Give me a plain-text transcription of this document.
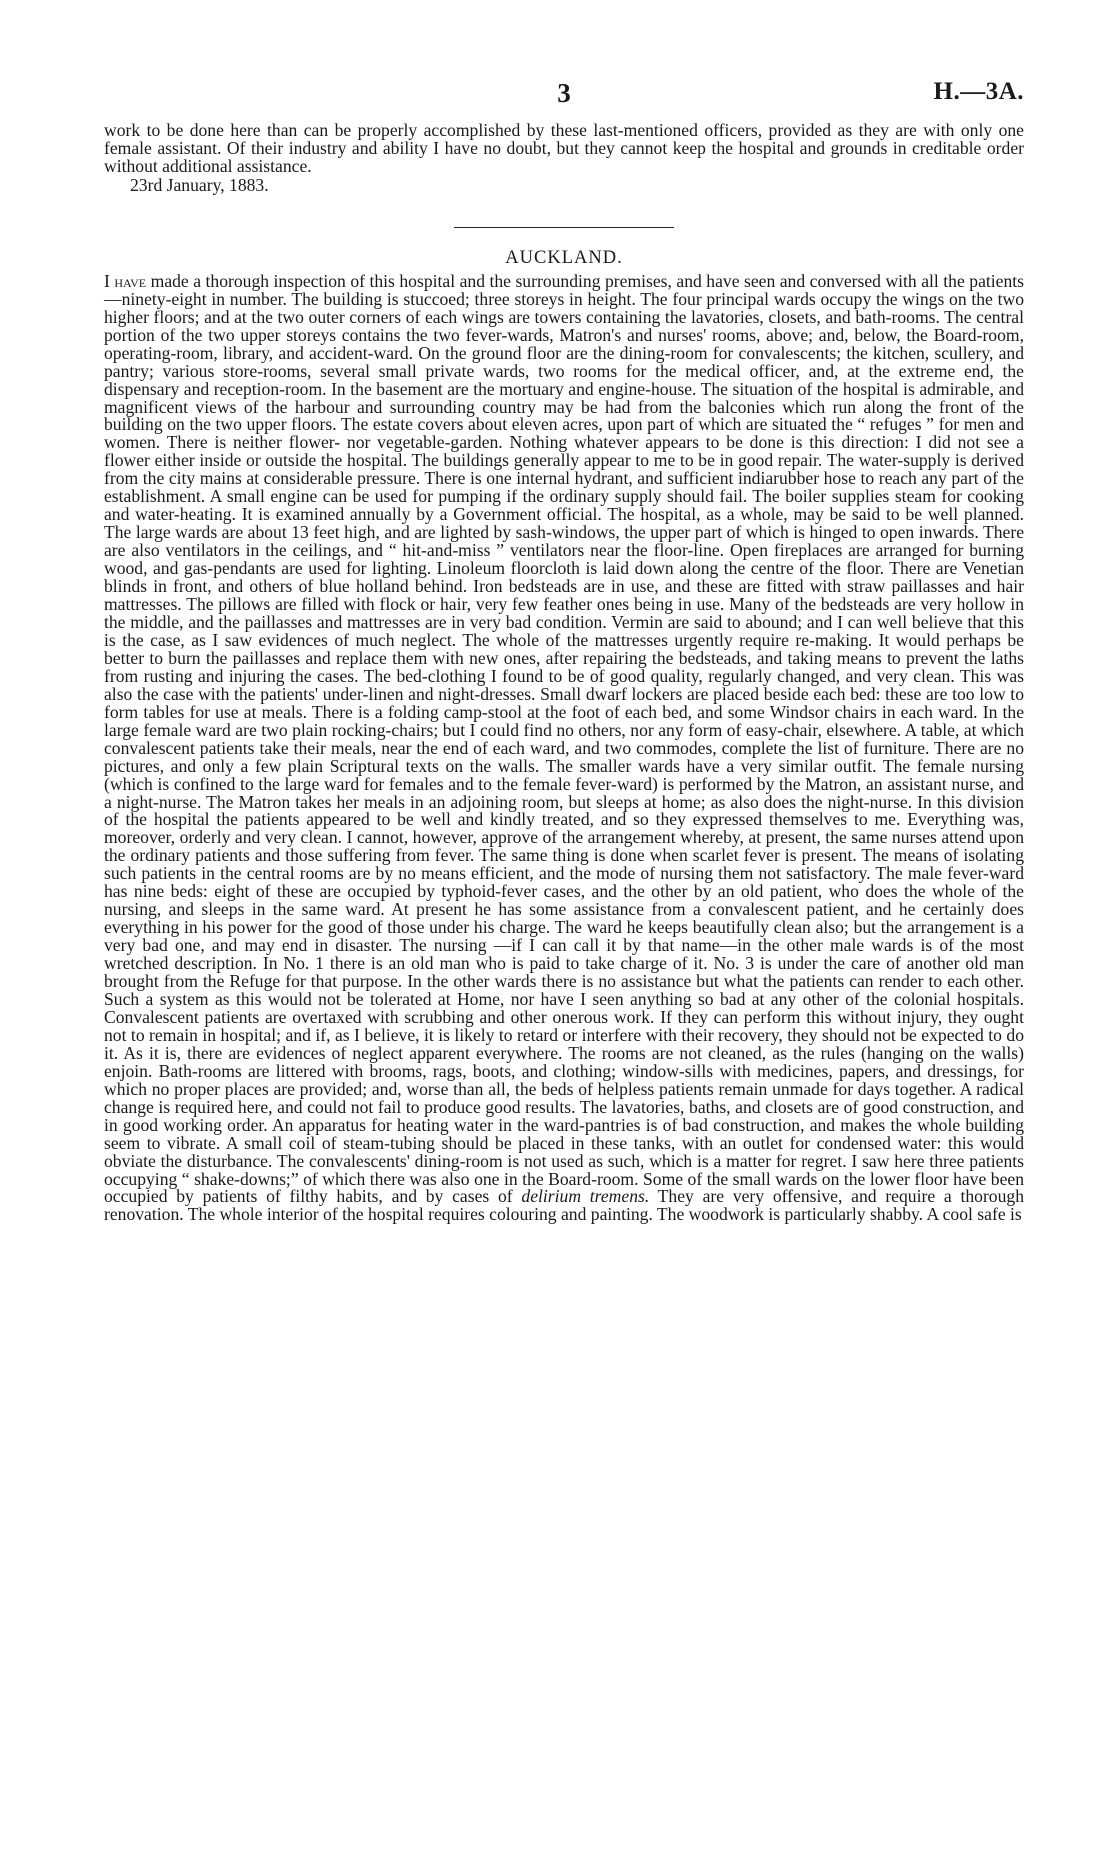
3	H.—3A.

work to be done here than can be properly accomplished by these last-mentioned officers, provided as they are with only one female assistant. Of their industry and ability I have no doubt, but they cannot keep the hospital and grounds in creditable order without additional assistance.

23rd January, 1883.
AUCKLAND.

I have made a thorough inspection of this hospital and the surrounding premises, and have seen and conversed with all the patients—ninety-eight in number. The building is stuccoed; three storeys in height. The four principal wards occupy the wings on the two higher floors; and at the two outer corners of each wings are towers containing the lavatories, closets, and bath-rooms. The central portion of the two upper storeys contains the two fever-wards, Matron's and nurses' rooms, above; and, below, the Board-room, operating-room, library, and accident-ward. On the ground floor are the dining-room for convalescents; the kitchen, scullery, and pantry; various store-rooms, several small private wards, two rooms for the medical officer, and, at the extreme end, the dispensary and reception-room. In the basement are the mortuary and engine-house. The situation of the hospital is admirable, and magnificent views of the harbour and surrounding country may be had from the balconies which run along the front of the building on the two upper floors. The estate covers about eleven acres, upon part of which are situated the “ refuges ” for men and women. There is neither flower- nor vegetable-garden. Nothing whatever appears to be done is this direction: I did not see a flower either inside or outside the hospital. The buildings generally appear to me to be in good repair. The water-supply is derived from the city mains at considerable pressure. There is one internal hydrant, and sufficient indiarubber hose to reach any part of the establishment. A small engine can be used for pumping if the ordinary supply should fail. The boiler supplies steam for cooking and water-heating. It is examined annually by a Government official. The hospital, as a whole, may be said to be well planned. The large wards are about 13 feet high, and are lighted by sash-windows, the upper part of which is hinged to open inwards. There are also ventilators in the ceilings, and “ hit-and-miss ” ventilators near the floor-line. Open fireplaces are arranged for burning wood, and gas-pendants are used for lighting. Linoleum floorcloth is laid down along the centre of the floor. There are Venetian blinds in front, and others of blue holland behind. Iron bedsteads are in use, and these are fitted with straw paillasses and hair mattresses. The pillows are filled with flock or hair, very few feather ones being in use. Many of the bedsteads are very hollow in the middle, and the paillasses and mattresses are in very bad condition. Vermin are said to abound; and I can well believe that this is the case, as I saw evidences of much neglect. The whole of the mattresses urgently require re-making. It would perhaps be better to burn the paillasses and replace them with new ones, after repairing the bedsteads, and taking means to prevent the laths from rusting and injuring the cases. The bed-clothing I found to be of good quality, regularly changed, and very clean. This was also the case with the patients' under-linen and night-dresses. Small dwarf lockers are placed beside each bed: these are too low to form tables for use at meals. There is a folding camp-stool at the foot of each bed, and some Windsor chairs in each ward. In the large female ward are two plain rocking-chairs; but I could find no others, nor any form of easy-chair, elsewhere. A table, at which convalescent patients take their meals, near the end of each ward, and two commodes, complete the list of furniture. There are no pictures, and only a few plain Scriptural texts on the walls. The smaller wards have a very similar outfit. The female nursing (which is confined to the large ward for females and to the female fever-ward) is performed by the Matron, an assistant nurse, and a night-nurse. The Matron takes her meals in an adjoining room, but sleeps at home; as also does the night-nurse. In this division of the hospital the patients appeared to be well and kindly treated, and so they expressed themselves to me. Everything was, moreover, orderly and very clean. I cannot, however, approve of the arrangement whereby, at present, the same nurses attend upon the ordinary patients and those suffering from fever. The same thing is done when scarlet fever is present. The means of isolating such patients in the central rooms are by no means efficient, and the mode of nursing them not satisfactory. The male fever-ward has nine beds: eight of these are occupied by typhoid-fever cases, and the other by an old patient, who does the whole of the nursing, and sleeps in the same ward. At present he has some assistance from a convalescent patient, and he certainly does everything in his power for the good of those under his charge. The ward he keeps beautifully clean also; but the arrangement is a very bad one, and may end in disaster. The nursing —if I can call it by that name—in the other male wards is of the most wretched description. In No. 1 there is an old man who is paid to take charge of it. No. 3 is under the care of another old man brought from the Refuge for that purpose. In the other wards there is no assistance but what the patients can render to each other. Such a system as this would not be tolerated at Home, nor have I seen anything so bad at any other of the colonial hospitals. Convalescent patients are overtaxed with scrubbing and other onerous work. If they can perform this without injury, they ought not to remain in hospital; and if, as I believe, it is likely to retard or interfere with their recovery, they should not be expected to do it. As it is, there are evidences of neglect apparent everywhere. The rooms are not cleaned, as the rules (hanging on the walls) enjoin. Bath-rooms are littered with brooms, rags, boots, and clothing; window-sills with medicines, papers, and dressings, for which no proper places are provided; and, worse than all, the beds of helpless patients remain unmade for days together. A radical change is required here, and could not fail to produce good results. The lavatories, baths, and closets are of good construction, and in good working order. An apparatus for heating water in the ward-pantries is of bad construction, and makes the whole building seem to vibrate. A small coil of steam-tubing should be placed in these tanks, with an outlet for condensed water: this would obviate the disturbance. The convalescents' dining-room is not used as such, which is a matter for regret. I saw here three patients occupying “ shake-downs;” of which there was also one in the Board-room. Some of the small wards on the lower floor have been occupied by patients of filthy habits, and by cases of delirium tremens. They are very offensive, and require a thorough renovation. The whole interior of the hospital requires colouring and painting. The woodwork is particularly shabby. A cool safe is
